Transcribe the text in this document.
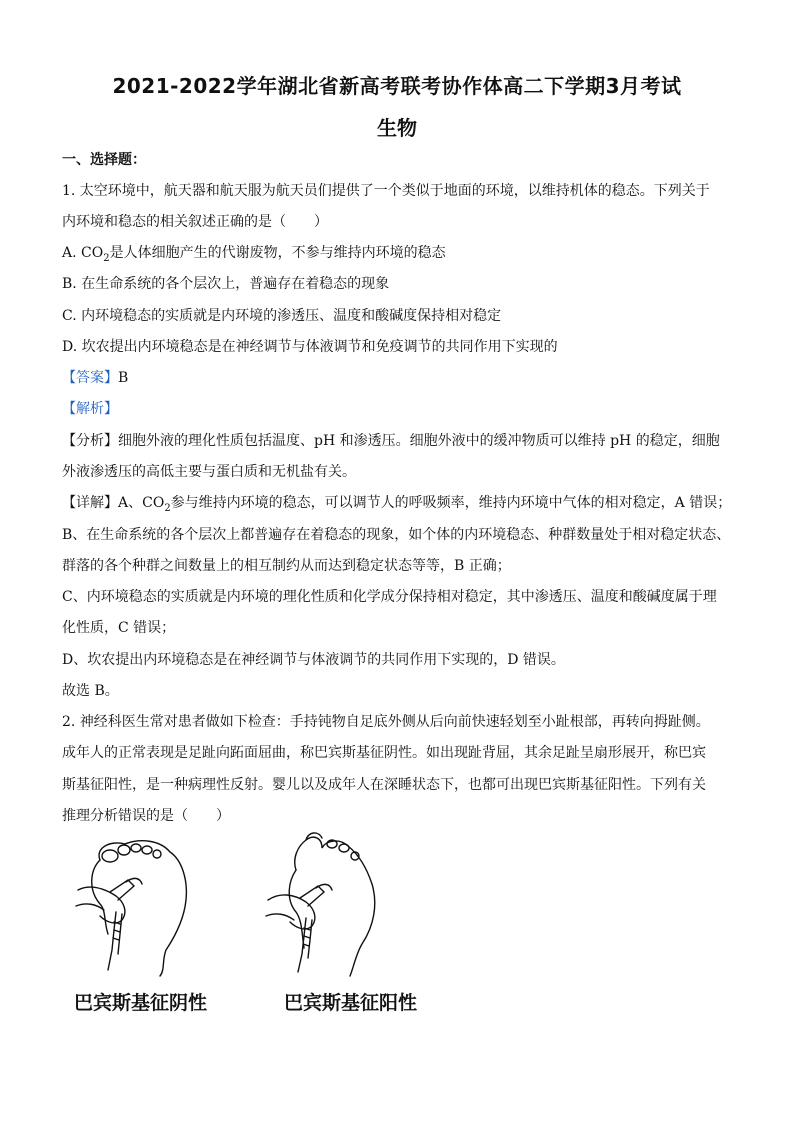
2021-2022学年湖北省新高考联考协作体高二下学期3月考试
生物
一、选择题：
1. 太空环境中，航天器和航天服为航天员们提供了一个类似于地面的环境，以维持机体的稳态。下列关于
内环境和稳态的相关叙述正确的是（　　）
A. $CO_2$是人体细胞产生的代谢废物，不参与维持内环境的稳态
B. 在生命系统的各个层次上，普遍存在着稳态的现象
C. 内环境稳态的实质就是内环境的渗透压、温度和酸碱度保持相对稳定
D. 坎农提出内环境稳态是在神经调节与体液调节和免疫调节的共同作用下实现的
【答案】B
【解析】
【分析】细胞外液的理化性质包括温度、pH 和渗透压。细胞外液中的缓冲物质可以维持 pH 的稳定，细胞
外液渗透压的高低主要与蛋白质和无机盐有关。
【详解】A、$CO_2$参与维持内环境的稳态，可以调节人的呼吸频率，维持内环境中气体的相对稳定，A 错误；
B、在生命系统的各个层次上都普遍存在着稳态的现象，如个体的内环境稳态、种群数量处于相对稳定状态、
群落的各个种群之间数量上的相互制约从而达到稳定状态等等，B 正确；
C、内环境稳态的实质就是内环境的理化性质和化学成分保持相对稳定，其中渗透压、温度和酸碱度属于理
化性质，C 错误；
D、坎农提出内环境稳态是在神经调节与体液调节的共同作用下实现的，D 错误。
故选 B。
2. 神经科医生常对患者做如下检查：手持钝物自足底外侧从后向前快速轻划至小趾根部，再转向拇趾侧。
成年人的正常表现是足趾向跖面屈曲，称巴宾斯基征阴性。如出现趾背屈，其余足趾呈扇形展开，称巴宾
斯基征阳性，是一种病理性反射。婴儿以及成年人在深睡状态下，也都可出现巴宾斯基征阳性。下列有关
推理分析错误的是（　　）
巴宾斯基征阴性	巴宾斯基征阳性
